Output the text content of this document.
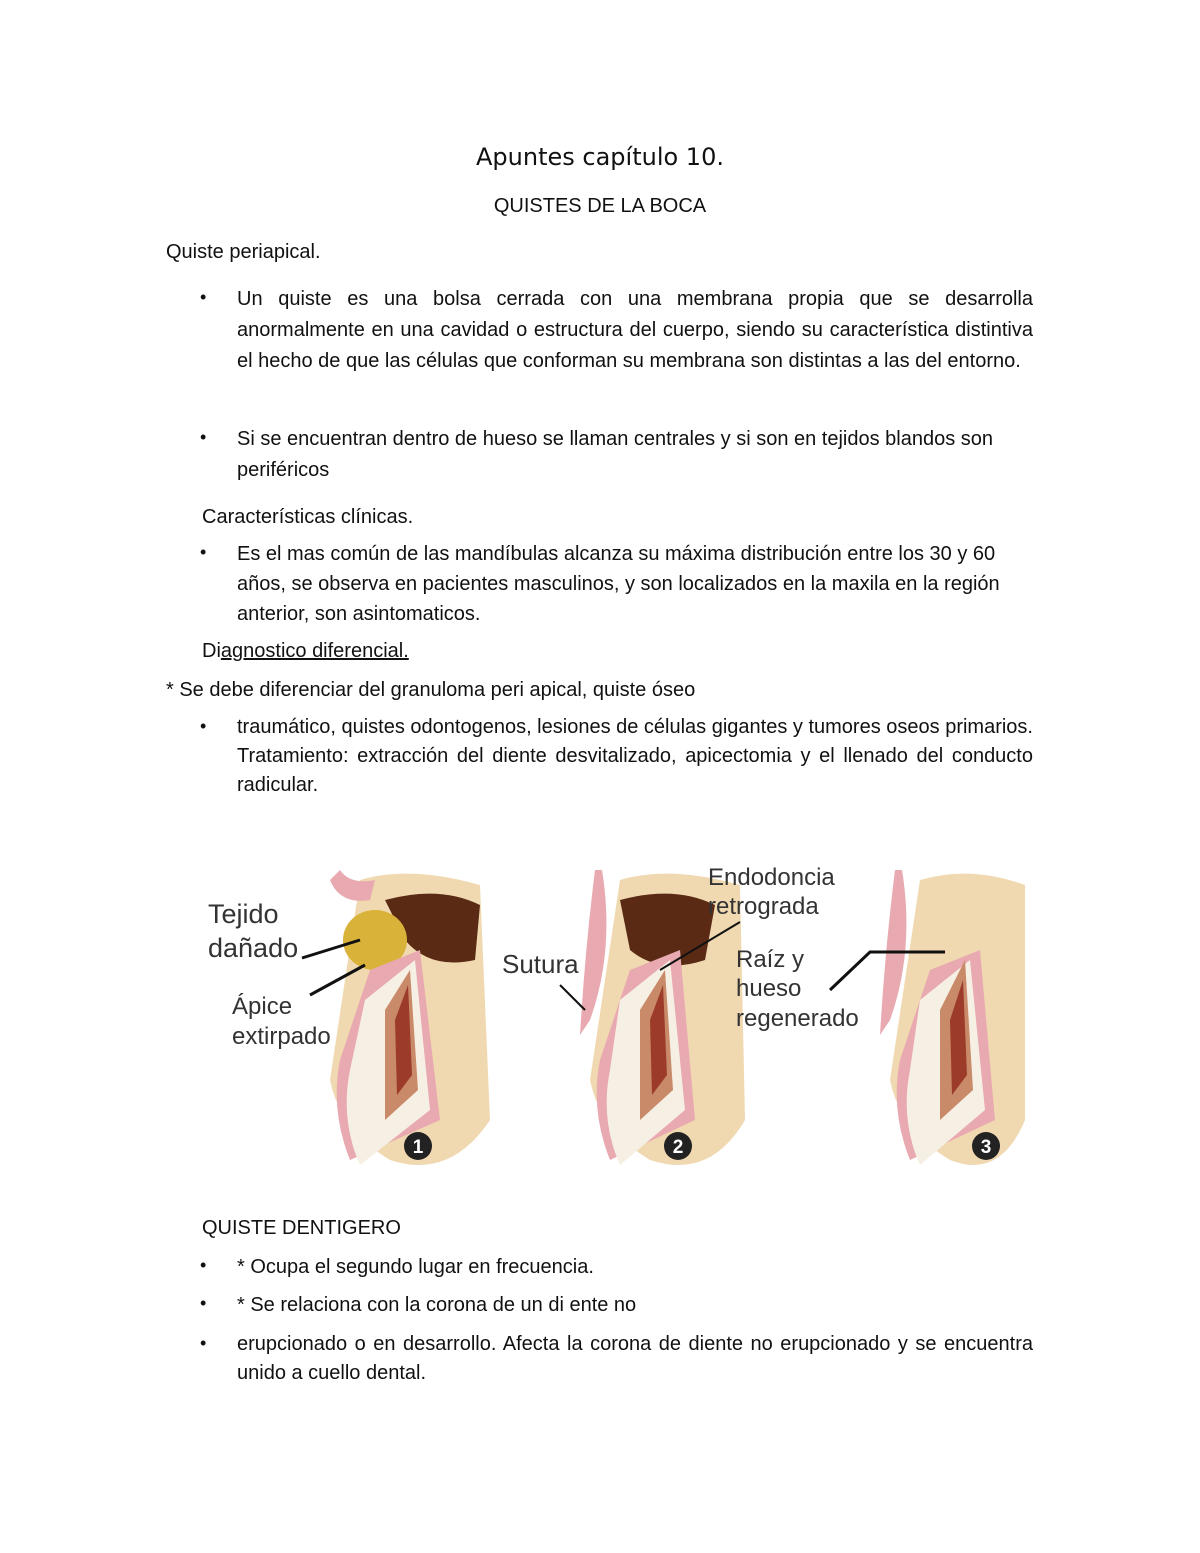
Apuntes capítulo 10.
QUISTES DE LA BOCA
Quiste periapical.
• Un quiste es una bolsa cerrada con una membrana propia que se desarrolla anormalmente en una cavidad o estructura del cuerpo, siendo su característica distintiva el hecho de que las células que conforman su membrana son distintas a las del entorno.
• Si se encuentran dentro de hueso se llaman centrales y si son en tejidos blandos son periféricos
Características clínicas.
• Es el mas común de las mandíbulas alcanza su máxima distribución entre los 30 y 60 años, se observa en pacientes masculinos, y son localizados en la maxila en la región anterior, son asintomaticos.
Diagnostico diferencial.
* Se debe diferenciar del granuloma peri apical, quiste óseo
• traumático, quistes odontogenos, lesiones de células gigantes y tumores oseos primarios. Tratamiento: extracción del diente desvitalizado, apicectomia y el llenado del conducto radicular.
1	2	3
Tejido
dañado
Ápice
extirpado
Sutura
Endodoncia
retrograda
Raíz y
hueso
regenerado
QUISTE DENTIGERO
• * Ocupa el segundo lugar en frecuencia.
• * Se relaciona con la corona de un di ente no
• erupcionado o en desarrollo. Afecta la corona de diente no erupcionado y se encuentra unido a cuello dental.
